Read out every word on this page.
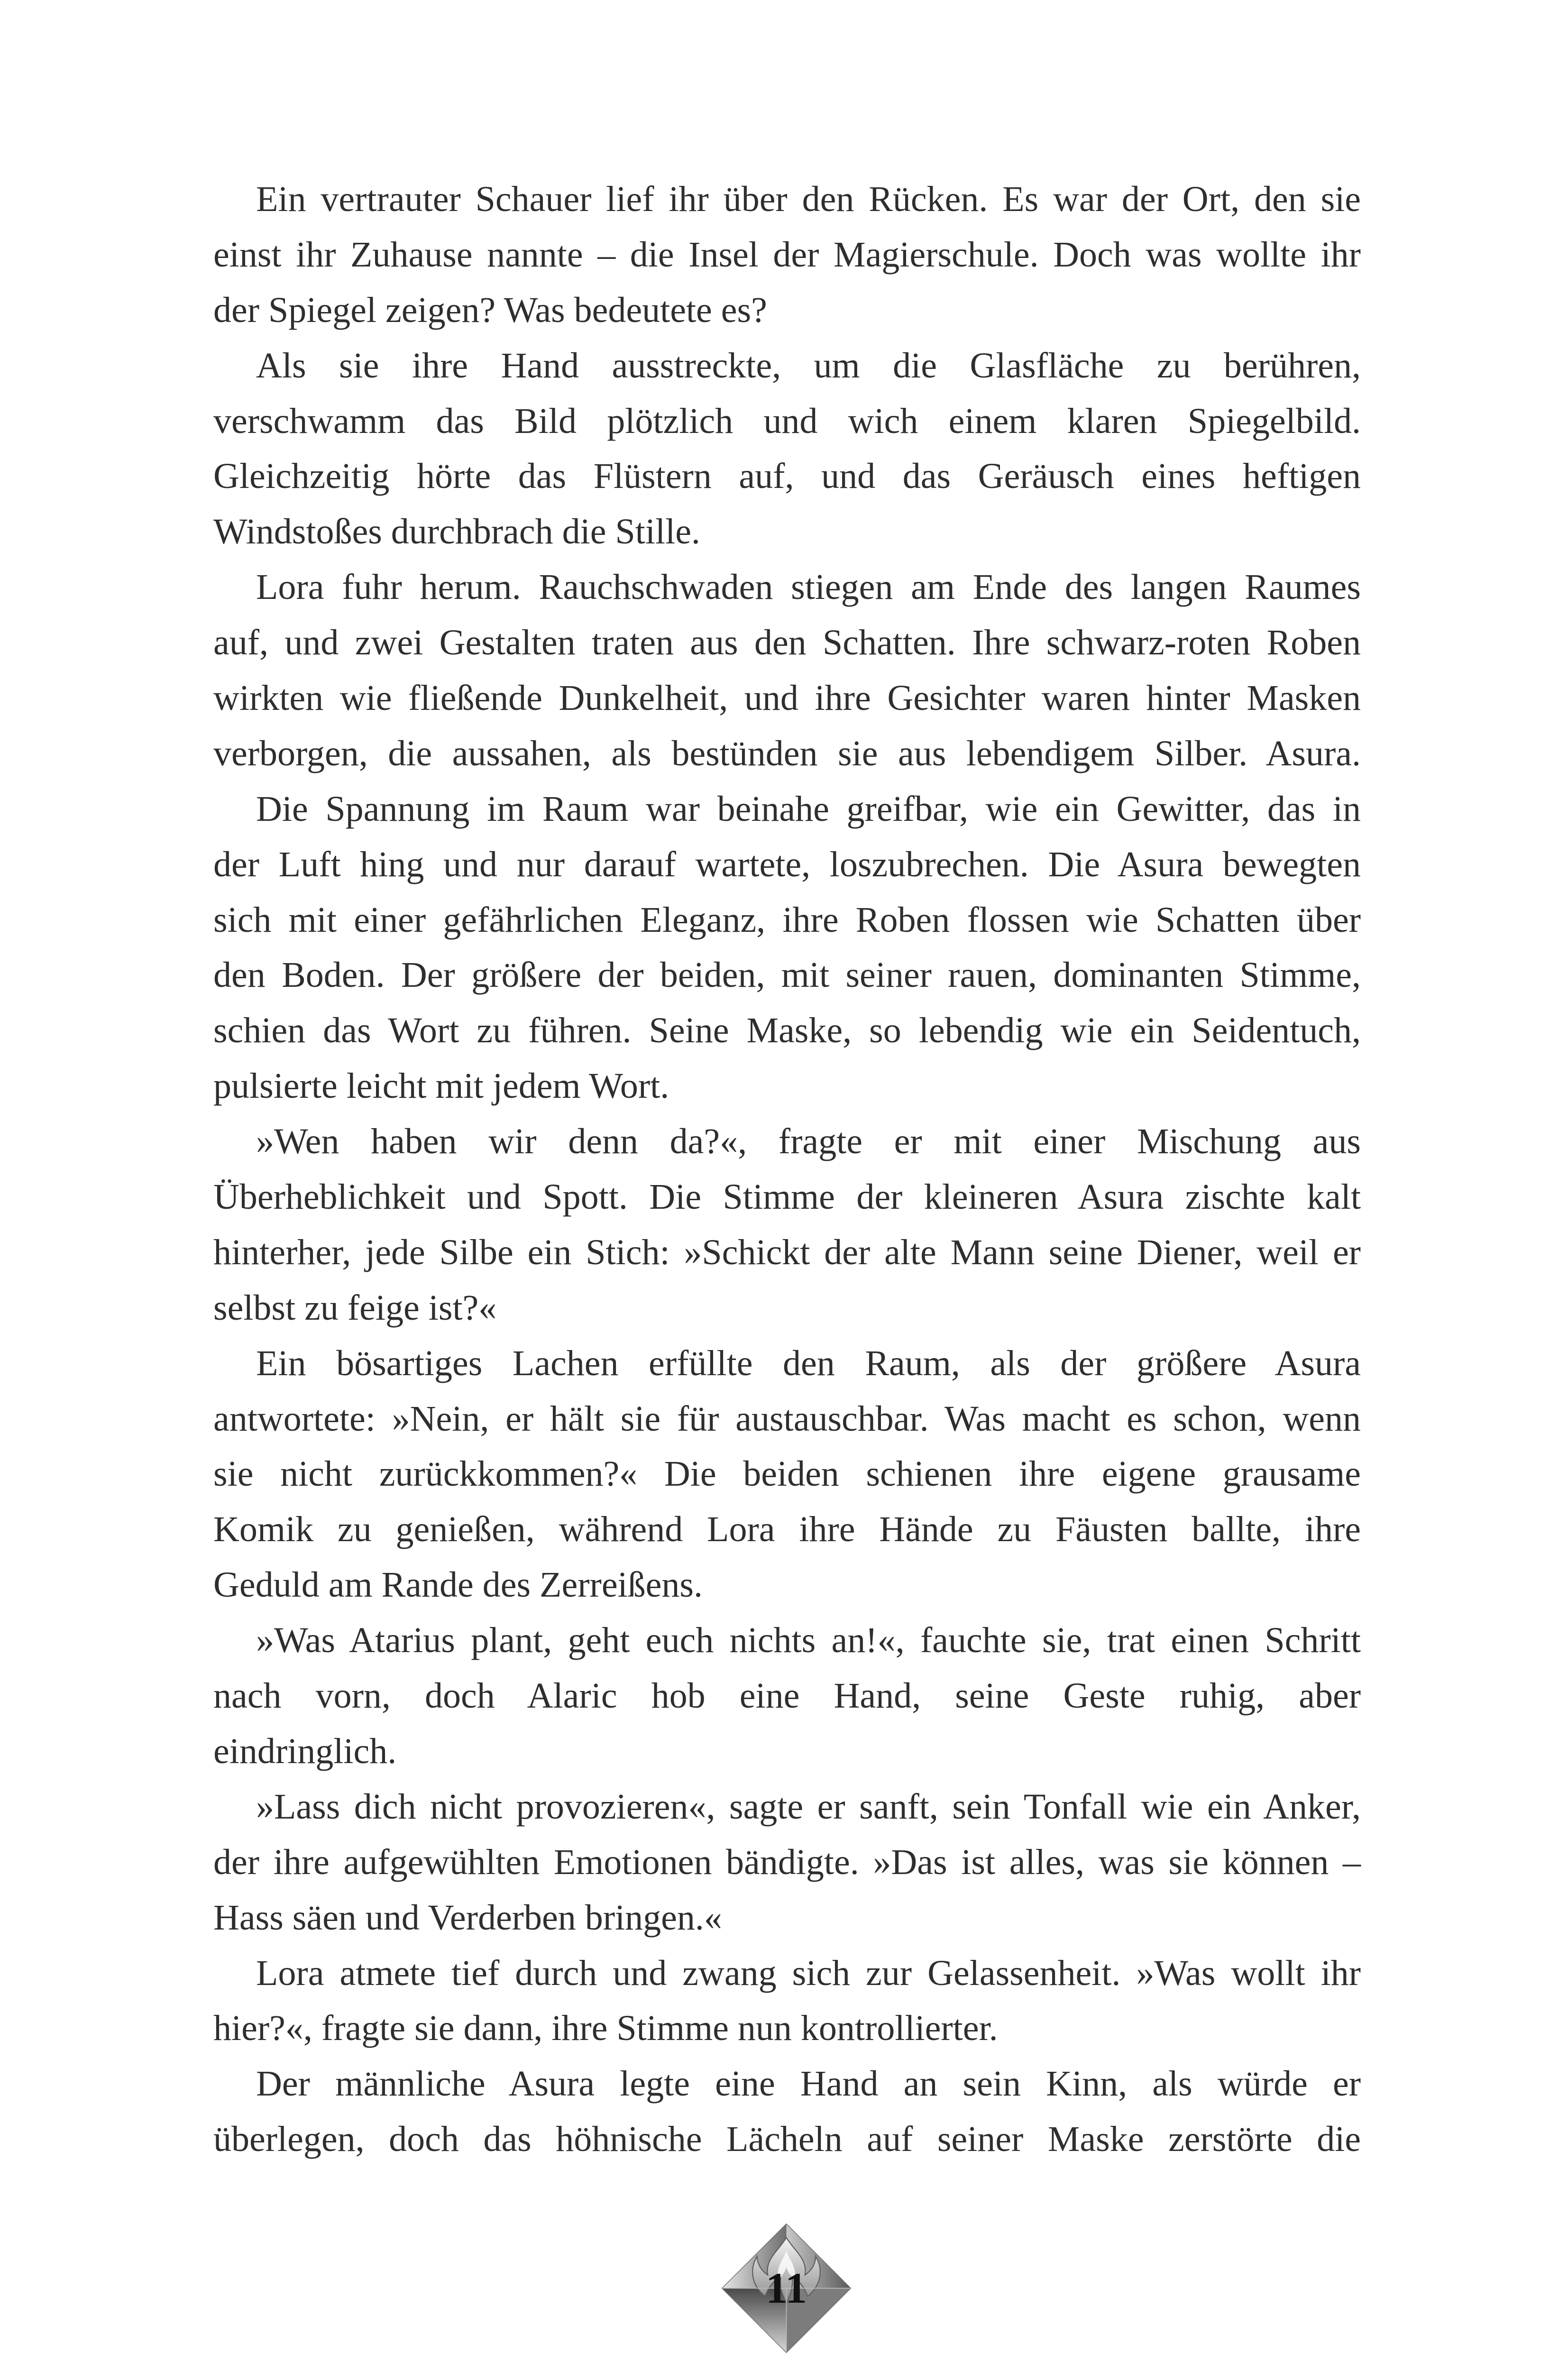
Ein vertrauter Schauer lief ihr über den Rücken. Es war der Ort, den sie
einst ihr Zuhause nannte – die Insel der Magierschule. Doch was wollte ihr
der Spiegel zeigen? Was bedeutete es?
Als sie ihre Hand ausstreckte, um die Glasfläche zu berühren,
verschwamm das Bild plötzlich und wich einem klaren Spiegelbild.
Gleichzeitig hörte das Flüstern auf, und das Geräusch eines heftigen
Windstoßes durchbrach die Stille.
Lora fuhr herum. Rauchschwaden stiegen am Ende des langen Raumes
auf, und zwei Gestalten traten aus den Schatten. Ihre schwarz-roten Roben
wirkten wie fließende Dunkelheit, und ihre Gesichter waren hinter Masken
verborgen, die aussahen, als bestünden sie aus lebendigem Silber. Asura.
Die Spannung im Raum war beinahe greifbar, wie ein Gewitter, das in
der Luft hing und nur darauf wartete, loszubrechen. Die Asura bewegten
sich mit einer gefährlichen Eleganz, ihre Roben flossen wie Schatten über
den Boden. Der größere der beiden, mit seiner rauen, dominanten Stimme,
schien das Wort zu führen. Seine Maske, so lebendig wie ein Seidentuch,
pulsierte leicht mit jedem Wort.
»Wen haben wir denn da?«, fragte er mit einer Mischung aus
Überheblichkeit und Spott. Die Stimme der kleineren Asura zischte kalt
hinterher, jede Silbe ein Stich: »Schickt der alte Mann seine Diener, weil er
selbst zu feige ist?«
Ein bösartiges Lachen erfüllte den Raum, als der größere Asura
antwortete: »Nein, er hält sie für austauschbar. Was macht es schon, wenn
sie nicht zurückkommen?« Die beiden schienen ihre eigene grausame
Komik zu genießen, während Lora ihre Hände zu Fäusten ballte, ihre
Geduld am Rande des Zerreißens.
»Was Atarius plant, geht euch nichts an!«, fauchte sie, trat einen Schritt
nach vorn, doch Alaric hob eine Hand, seine Geste ruhig, aber
eindringlich.
»Lass dich nicht provozieren«, sagte er sanft, sein Tonfall wie ein Anker,
der ihre aufgewühlten Emotionen bändigte. »Das ist alles, was sie können –
Hass säen und Verderben bringen.«
Lora atmete tief durch und zwang sich zur Gelassenheit. »Was wollt ihr
hier?«, fragte sie dann, ihre Stimme nun kontrollierter.
Der männliche Asura legte eine Hand an sein Kinn, als würde er
überlegen, doch das höhnische Lächeln auf seiner Maske zerstörte die
11
